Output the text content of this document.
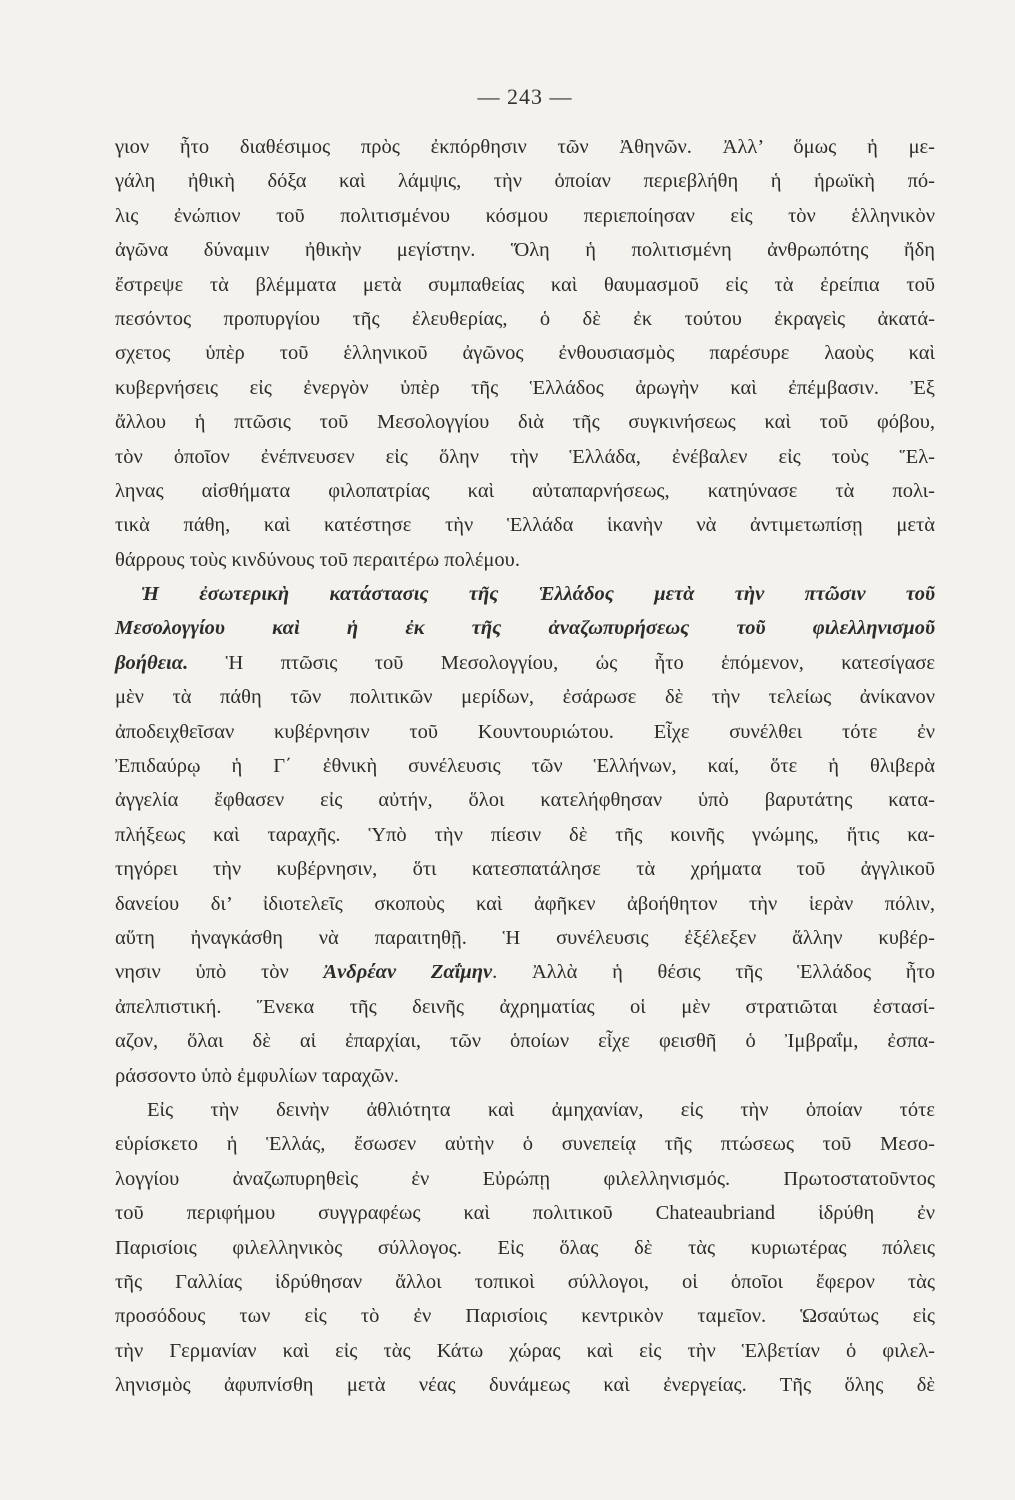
— 243 —
γιον ἦτο διαθέσιμος πρὸς ἐκπόρθησιν τῶν Ἀθηνῶν. Ἀλλ’ ὅμως ἡ με-
γάλη ἠθικὴ δόξα καὶ λάμψις, τὴν ὁποίαν περιεβλήθη ἡ ἡρωϊκὴ πό-
λις ἐνώπιον τοῦ πολιτισμένου κόσμου περιεποίησαν εἰς τὸν ἑλληνικὸν
ἀγῶνα δύναμιν ἠθικὴν μεγίστην. Ὅλη ἡ πολιτισμένη ἀνθρωπότης ἤδη
ἔστρεψε τὰ βλέμματα μετὰ συμπαθείας καὶ θαυμασμοῦ εἰς τὰ ἐρείπια τοῦ
πεσόντος προπυργίου τῆς ἐλευθερίας, ὁ δὲ ἐκ τούτου ἐκραγεὶς ἀκατά-
σχετος ὑπὲρ τοῦ ἑλληνικοῦ ἀγῶνος ἐνθουσιασμὸς παρέσυρε λαοὺς καὶ
κυβερνήσεις εἰς ἐνεργὸν ὑπὲρ τῆς Ἑλλάδος ἀρωγὴν καὶ ἐπέμβασιν. Ἐξ
ἄλλου ἡ πτῶσις τοῦ Μεσολογγίου διὰ τῆς συγκινήσεως καὶ τοῦ φόβου,
τὸν ὁποῖον ἐνέπνευσεν εἰς ὅλην τὴν Ἑλλάδα, ἐνέβαλεν εἰς τοὺς Ἕλ-
ληνας αἰσθήματα φιλοπατρίας καὶ αὐταπαρνήσεως, κατηύνασε τὰ πολι-
τικὰ πάθη, καὶ κατέστησε τὴν Ἑλλάδα ἱκανὴν νὰ ἀντιμετωπίσῃ μετὰ
θάρρους τοὺς κινδύνους τοῦ περαιτέρω πολέμου.
Ἡ ἐσωτερικὴ κατάστασις τῆς Ἑλλάδος μετὰ τὴν πτῶσιν τοῦ
Μεσολογγίου καὶ ἡ ἐκ τῆς ἀναζωπυρήσεως τοῦ φιλελληνισμοῦ
βοήθεια. Ἡ πτῶσις τοῦ Μεσολογγίου, ὡς ἦτο ἑπόμενον, κατεσίγασε
μὲν τὰ πάθη τῶν πολιτικῶν μερίδων, ἐσάρωσε δὲ τὴν τελείως ἀνίκανον
ἀποδειχθεῖσαν κυβέρνησιν τοῦ Κουντουριώτου. Εἶχε συνέλθει τότε ἐν
Ἐπιδαύρῳ ἡ Γ΄ ἐθνικὴ συνέλευσις τῶν Ἑλλήνων, καί, ὅτε ἡ θλιβερὰ
ἀγγελία ἔφθασεν εἰς αὐτήν, ὅλοι κατελήφθησαν ὑπὸ βαρυτάτης κατα-
πλήξεως καὶ ταραχῆς. Ὑπὸ τὴν πίεσιν δὲ τῆς κοινῆς γνώμης, ἥτις κα-
τηγόρει τὴν κυβέρνησιν, ὅτι κατεσπατάλησε τὰ χρήματα τοῦ ἀγγλικοῦ
δανείου δι’ ἰδιοτελεῖς σκοποὺς καὶ ἀφῆκεν ἀβοήθητον τὴν ἱερὰν πόλιν,
αὕτη ἠναγκάσθη νὰ παραιτηθῇ. Ἡ συνέλευσις ἐξέλεξεν ἄλλην κυβέρ-
νησιν ὑπὸ τὸν Ἀνδρέαν Ζαΐμην. Ἀλλὰ ἡ θέσις τῆς Ἑλλάδος ἦτο
ἀπελπιστική. Ἕνεκα τῆς δεινῆς ἀχρηματίας οἱ μὲν στρατιῶται ἐστασί-
αζον, ὅλαι δὲ αἱ ἐπαρχίαι, τῶν ὁποίων εἶχε φεισθῆ ὁ Ἰμβραΐμ, ἐσπα-
ράσσοντο ὑπὸ ἐμφυλίων ταραχῶν.
Εἰς τὴν δεινὴν ἀθλιότητα καὶ ἀμηχανίαν, εἰς τὴν ὁποίαν τότε
εὑρίσκετο ἡ Ἑλλάς, ἔσωσεν αὐτὴν ὁ συνεπείᾳ τῆς πτώσεως τοῦ Μεσο-
λογγίου ἀναζωπυρηθεὶς ἐν Εὐρώπῃ φιλελληνισμός. Πρωτοστατοῦντος
τοῦ περιφήμου συγγραφέως καὶ πολιτικοῦ Chateaubriand ἱδρύθη ἐν
Παρισίοις φιλελληνικὸς σύλλογος. Εἰς ὅλας δὲ τὰς κυριωτέρας πόλεις
τῆς Γαλλίας ἱδρύθησαν ἄλλοι τοπικοὶ σύλλογοι, οἱ ὁποῖοι ἔφερον τὰς
προσόδους των εἰς τὸ ἐν Παρισίοις κεντρικὸν ταμεῖον. Ὡσαύτως εἰς
τὴν Γερμανίαν καὶ εἰς τὰς Κάτω χώρας καὶ εἰς τὴν Ἑλβετίαν ὁ φιλελ-
ληνισμὸς ἀφυπνίσθη μετὰ νέας δυνάμεως καὶ ἐνεργείας. Τῆς ὅλης δὲ
